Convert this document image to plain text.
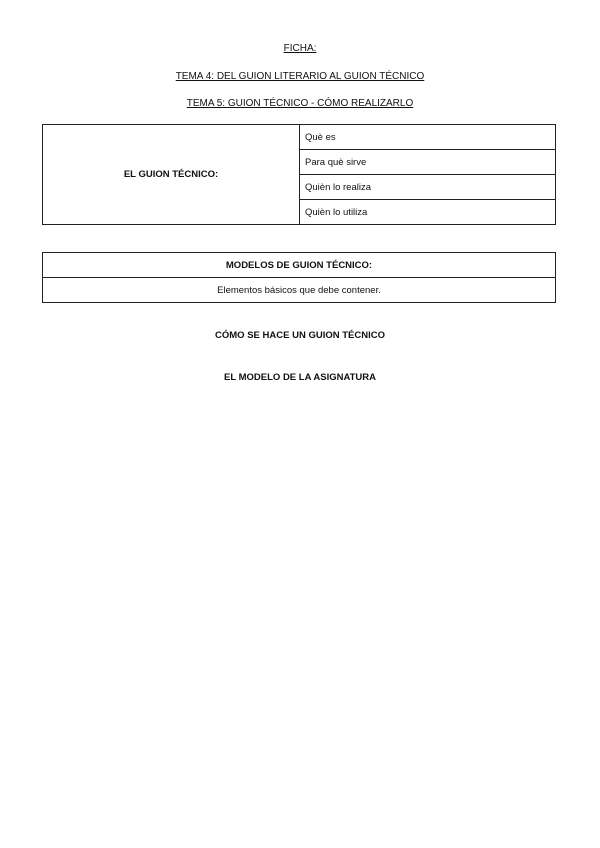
FICHA:
TEMA 4: DEL GUION LITERARIO AL GUION TÉCNICO
TEMA 5: GUION TÉCNICO - CÓMO REALIZARLO
EL GUION TÉCNICO:	Què es
Para què sirve
Quièn lo realiza
Quièn lo utiliza
MODELOS DE GUION TÉCNICO:
Elementos básicos que debe contener.
CÓMO SE HACE UN GUION TÉCNICO
EL MODELO DE LA ASIGNATURA
